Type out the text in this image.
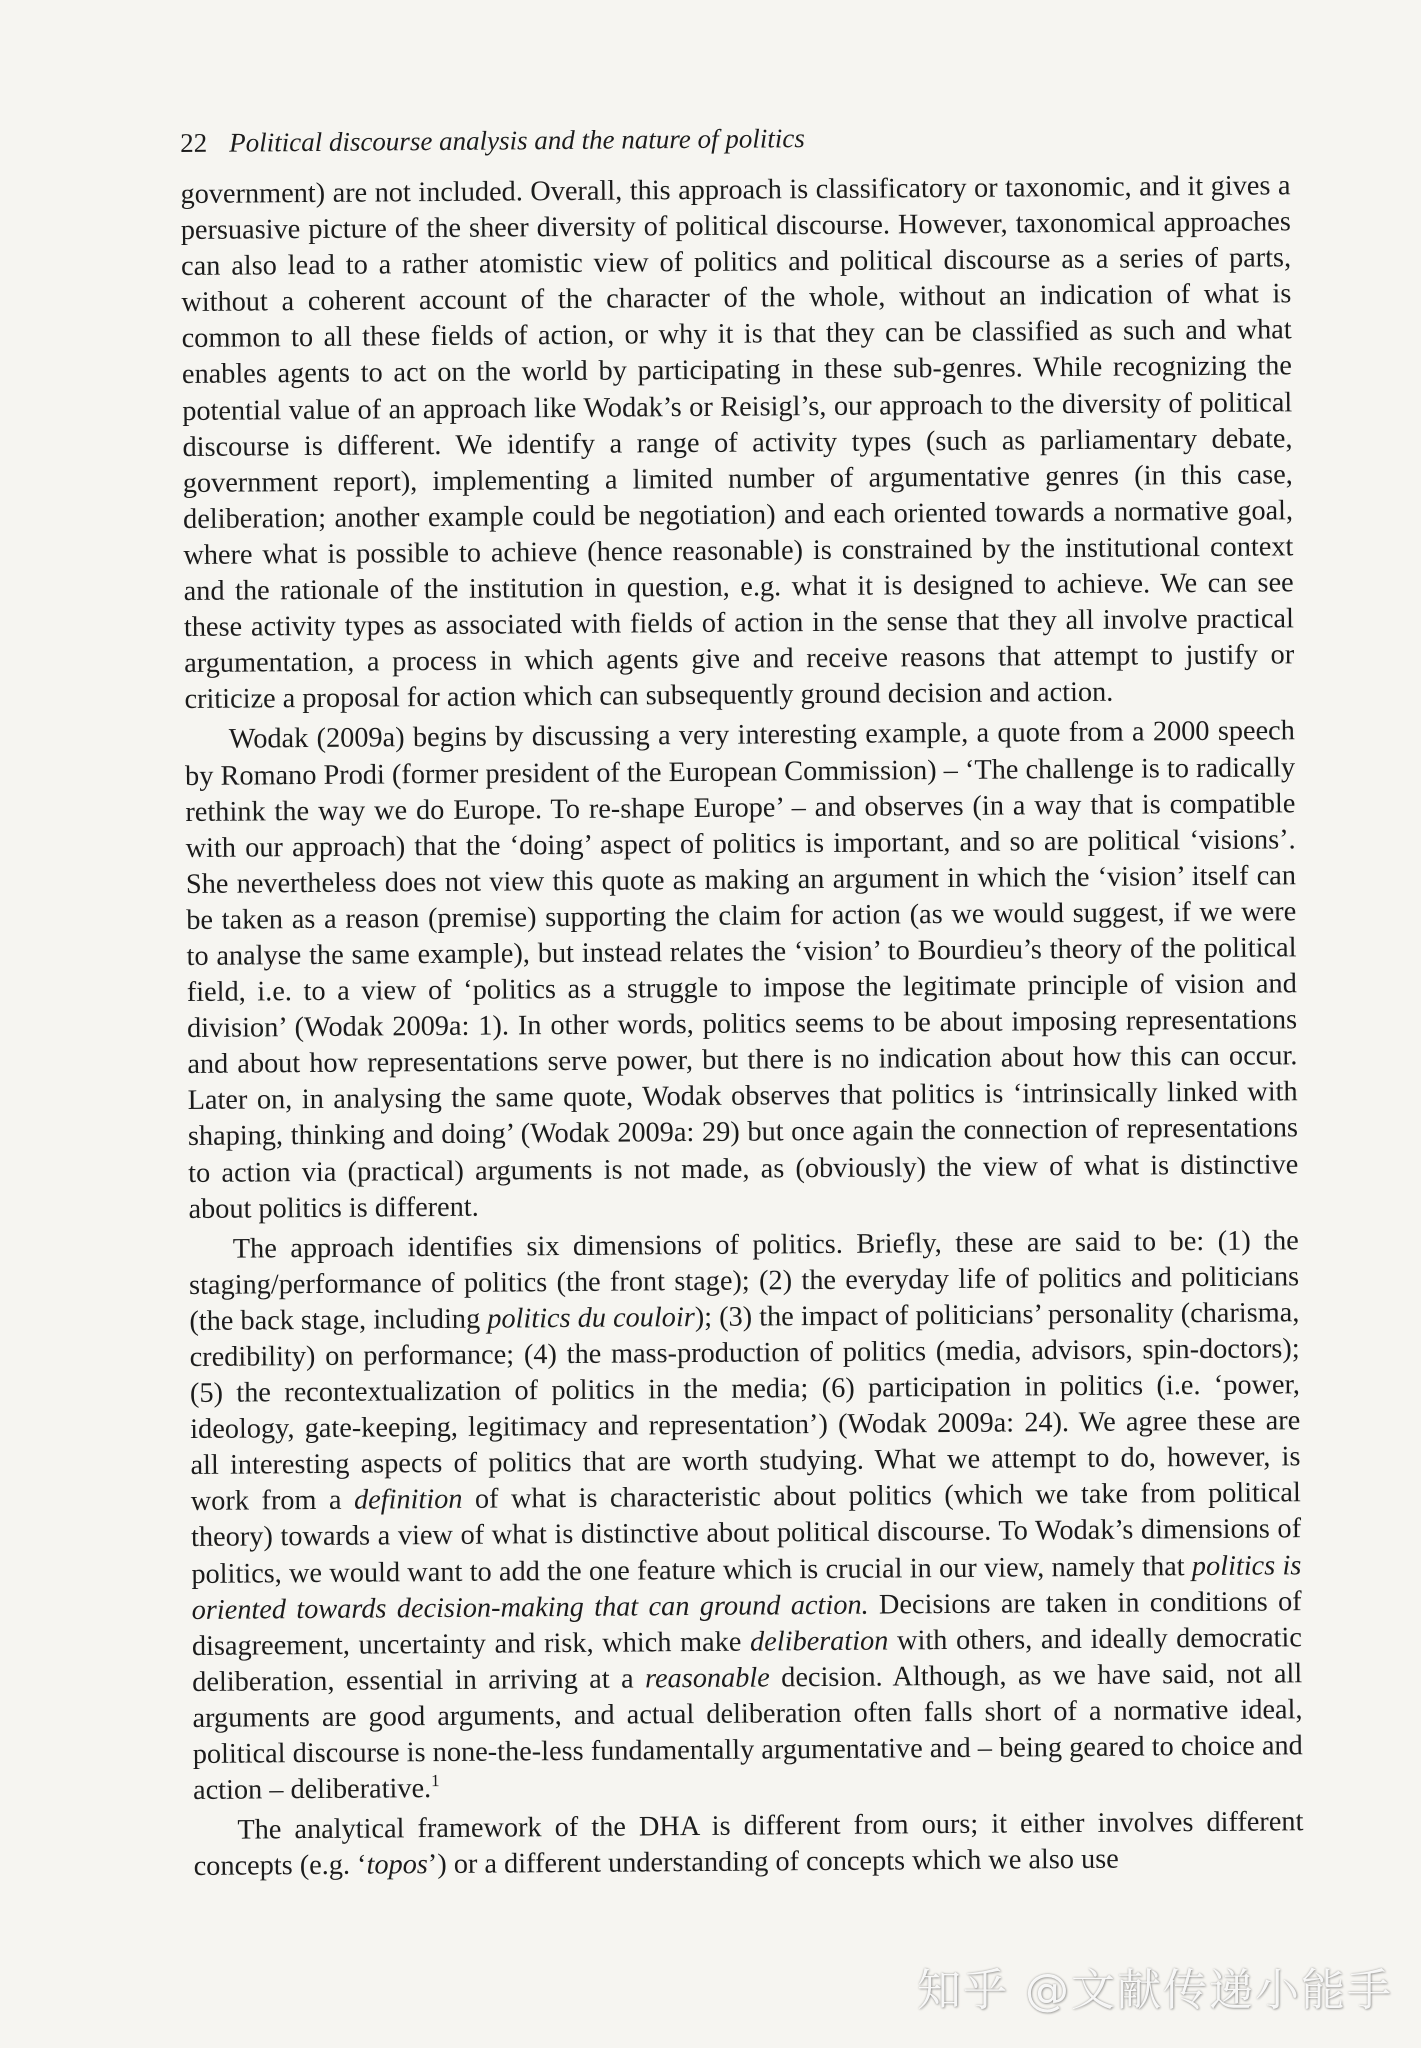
22 Political discourse analysis and the nature of politics

government) are not included. Overall, this approach is classificatory or taxonomic, and it gives a persuasive picture of the sheer diversity of political discourse. However, taxonomical approaches can also lead to a rather atomistic view of politics and political discourse as a series of parts, without a coherent account of the character of the whole, without an indication of what is common to all these fields of action, or why it is that they can be classified as such and what enables agents to act on the world by participating in these sub-genres. While recognizing the potential value of an approach like Wodak’s or Reisigl’s, our approach to the diversity of political discourse is different. We identify a range of activity types (such as parliamentary debate, government report), implementing a limited number of argumentative genres (in this case, deliberation; another example could be negotiation) and each oriented towards a normative goal, where what is possible to achieve (hence reasonable) is constrained by the institutional context and the rationale of the institution in question, e.g. what it is designed to achieve. We can see these activity types as associated with fields of action in the sense that they all involve practical argumentation, a process in which agents give and receive reasons that attempt to justify or criticize a proposal for action which can subsequently ground decision and action.

Wodak (2009a) begins by discussing a very interesting example, a quote from a 2000 speech by Romano Prodi (former president of the European Commission) – ‘The challenge is to radically rethink the way we do Europe. To re-shape Europe’ – and observes (in a way that is compatible with our approach) that the ‘doing’ aspect of politics is important, and so are political ‘visions’. She nevertheless does not view this quote as making an argument in which the ‘vision’ itself can be taken as a reason (premise) supporting the claim for action (as we would suggest, if we were to analyse the same example), but instead relates the ‘vision’ to Bourdieu’s theory of the political field, i.e. to a view of ‘politics as a struggle to impose the legitimate principle of vision and division’ (Wodak 2009a: 1). In other words, politics seems to be about imposing representations and about how representations serve power, but there is no indication about how this can occur. Later on, in analysing the same quote, Wodak observes that politics is ‘intrinsically linked with shaping, thinking and doing’ (Wodak 2009a: 29) but once again the connection of representations to action via (practical) arguments is not made, as (obviously) the view of what is distinctive about politics is different.

The approach identifies six dimensions of politics. Briefly, these are said to be: (1) the staging/performance of politics (the front stage); (2) the everyday life of politics and politicians (the back stage, including politics du couloir); (3) the impact of politicians’ personality (charisma, credibility) on performance; (4) the mass-production of politics (media, advisors, spin-doctors); (5) the recontextualization of politics in the media; (6) participation in politics (i.e. ‘power, ideology, gate-keeping, legitimacy and representation’) (Wodak 2009a: 24). We agree these are all interesting aspects of politics that are worth studying. What we attempt to do, however, is work from a definition of what is characteristic about politics (which we take from political theory) towards a view of what is distinctive about political discourse. To Wodak’s dimensions of politics, we would want to add the one feature which is crucial in our view, namely that politics is oriented towards decision-making that can ground action. Decisions are taken in conditions of disagreement, uncertainty and risk, which make deliberation with others, and ideally democratic deliberation, essential in arriving at a reasonable decision. Although, as we have said, not all arguments are good arguments, and actual deliberation often falls short of a normative ideal, political discourse is none-the-less fundamentally argumentative and – being geared to choice and action – deliberative.$^1$

The analytical framework of the DHA is different from ours; it either involves different concepts (e.g. ‘topos’) or a different understanding of concepts which we also use

知乎 @文献传递小能手
